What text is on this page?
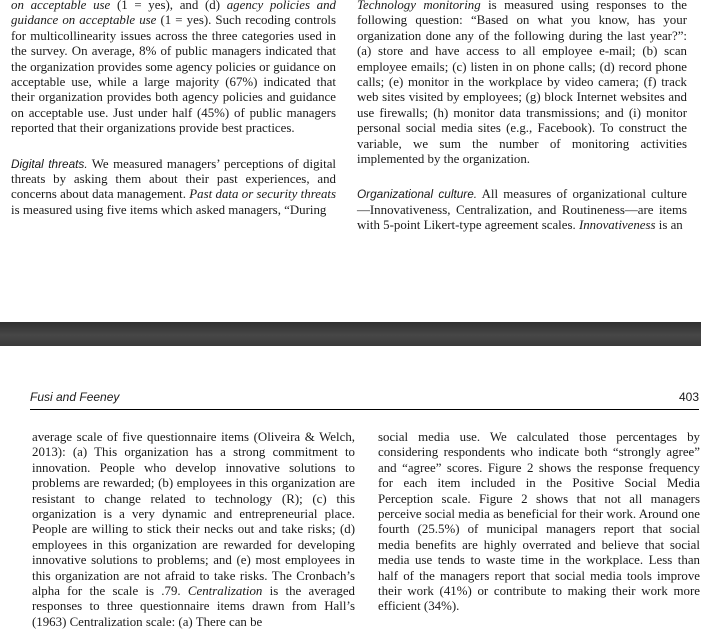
on acceptable use (1 = yes), and (d) agency policies and guidance on acceptable use (1 = yes). Such recoding controls for multicollinearity issues across the three categories used in the survey. On average, 8% of public managers indicated that the organization provides some agency policies or guidance on acceptable use, while a large majority (67%) indicated that their organization provides both agency policies and guidance on acceptable use. Just under half (45%) of public managers reported that their organizations provide best practices.

Digital threats. We measured managers’ perceptions of digital threats by asking them about their past experiences, and concerns about data management. Past data or security threats is measured using five items which asked managers, “During

Technology monitoring is measured using responses to the following question: “Based on what you know, has your organization done any of the following during the last year?”: (a) store and have access to all employee e-mail; (b) scan employee emails; (c) listen in on phone calls; (d) record phone calls; (e) monitor in the workplace by video camera; (f) track web sites visited by employees; (g) block Internet websites and use firewalls; (h) monitor data transmissions; and (i) monitor personal social media sites (e.g., Facebook). To construct the variable, we sum the number of monitoring activities implemented by the organization.

Organizational culture. All measures of organizational culture—Innovativeness, Centralization, and Routineness—are items with 5-point Likert-type agreement scales. Innovativeness is an

Fusi and Feeney	403

average scale of five questionnaire items (Oliveira & Welch, 2013): (a) This organization has a strong commitment to innovation. People who develop innovative solutions to problems are rewarded; (b) employees in this organization are resistant to change related to technology (R); (c) this organization is a very dynamic and entrepreneurial place. People are willing to stick their necks out and take risks; (d) employees in this organization are rewarded for developing innovative solutions to problems; and (e) most employees in this organization are not afraid to take risks. The Cronbach’s alpha for the scale is .79. Centralization is the averaged responses to three questionnaire items drawn from Hall’s (1963) Centralization scale: (a) There can be

social media use. We calculated those percentages by considering respondents who indicate both “strongly agree” and “agree” scores. Figure 2 shows the response frequency for each item included in the Positive Social Media Perception scale. Figure 2 shows that not all managers perceive social media as beneficial for their work. Around one fourth (25.5%) of municipal managers report that social media benefits are highly overrated and believe that social media use tends to waste time in the workplace. Less than half of the managers report that social media tools improve their work (41%) or contribute to making their work more efficient (34%).
